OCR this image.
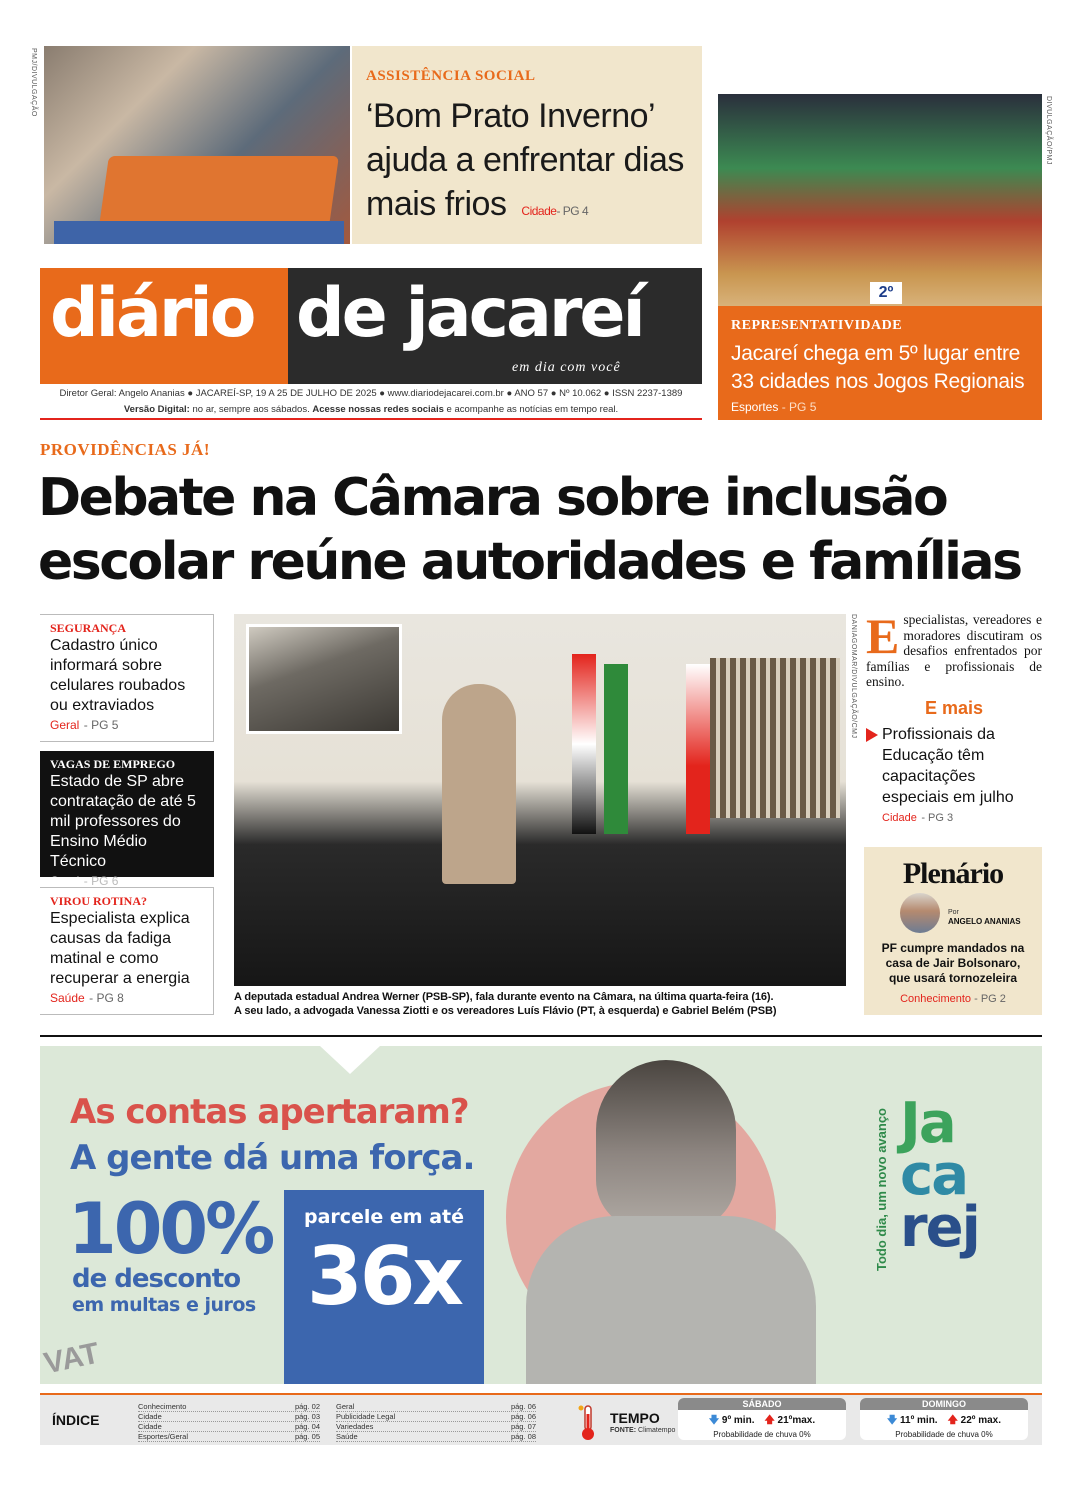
PMJ/DIVULGAÇÃO	ASSISTÊNCIA SOCIAL
‘Bom Prato Inverno’ ajuda a enfrentar dias mais frios Cidade- PG 4
2º
DIVULGAÇÃO/PMJ
REPRESENTATIVIDADE
Jacareí chega em 5º lugar entre 33 cidades nos Jogos Regionais
Esportes - PG 5
diário de jacareí
em dia com você
Diretor Geral: Angelo Ananias ● JACAREÍ-SP, 19 A 25 DE JULHO DE 2025 ● www.diariodejacarei.com.br ● ANO 57 ● Nº 10.062 ● ISSN 2237-1389
Versão Digital: no ar, sempre aos sábados. Acesse nossas redes sociais e acompanhe as notícias em tempo real.
PROVIDÊNCIAS JÁ!
Debate na Câmara sobre inclusão
escolar reúne autoridades e famílias
SEGURANÇA
Cadastro único informará sobre celulares roubados ou extraviados
Geral - PG 5
VAGAS DE EMPREGO
Estado de SP abre contratação de até 5 mil professores do Ensino Médio Técnico
Geral - PG 6
VIROU ROTINA?
Especialista explica causas da fadiga matinal e como recuperar a energia
Saúde - PG 8
DANIAGOMAR/DIVULGAÇÃO/CMJ
A deputada estadual Andrea Werner (PSB-SP), fala durante evento na Câmara, na última quarta-feira (16).
A seu lado, a advogada Vanessa Ziotti e os vereadores Luís Flávio (PT, à esquerda) e Gabriel Belém (PSB)
E specialistas, vereadores e moradores discutiram os desafios enfrentados por famílias e profissionais de ensino.
E mais
Profissionais da Educação têm capacitações especiais em julho
Cidade - PG 3
Plenário
Por
ANGELO ANANIAS
PF cumpre mandados na casa de Jair Bolsonaro, que usará tornozeleira
Conhecimento - PG 2
As contas apertaram?
A gente dá uma força.
100%
de desconto
em multas e juros
VAT
parcele em até
36x
Todo dia, um novo avanço Ja
ca
rej
ÍNDICE
Conhecimento	pág. 02
Cidade	pág. 03
Cidade	pág. 04
Esportes/Geral	pág. 05
Geral	pág. 06
Publicidade Legal	pág. 06
Variedades	pág. 07
Saúde	pág. 08
TEMPO
FONTE: Climatempo
SÁBADO
🡇 9º min. 🡅 21ºmax.
Probabilidade de chuva 0%
DOMINGO
🡇 11º min. 🡅 22º max.
Probabilidade de chuva 0%
